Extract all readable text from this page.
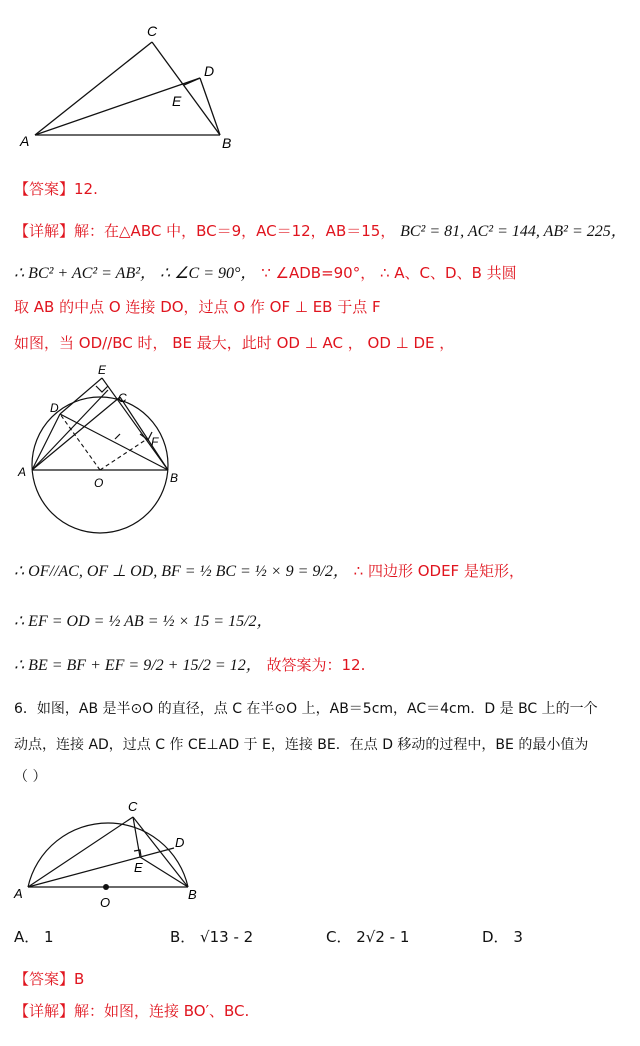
C
D
E
A	B
【答案】12.
【详解】解：在△ABC 中，BC＝9，AC＝12，AB＝15， BC² = 81, AC² = 144, AB² = 225，
∴ BC² + AC² = AB²， ∴ ∠C = 90°， ∵ ∠ADB=90°， ∴ A、C、D、B 共圆
取 AB 的中点 O 连接 DO，过点 O 作 OF ⊥ EB 于点 F
如图，当 OD//BC 时， BE 最大，此时 OD ⊥ AC ， OD ⊥ DE ，
E
D
C
F
A
O	B
∴ OF//AC, OF ⊥ OD, BF = ½ BC = ½ × 9 = 9/2， ∴ 四边形 ODEF 是矩形，
∴ EF = OD = ½ AB = ½ × 15 = 15/2，
∴ BE = BF + EF = 9/2 + 15/2 = 12， 故答案为：12.
6．如图，AB 是半⊙O 的直径，点 C 在半⊙O 上，AB＝5cm，AC＝4cm．D 是 BC 上的一个
动点，连接 AD，过点 C 作 CE⊥AD 于 E，连接 BE．在点 D 移动的过程中，BE 的最小值为
（ ）
C
D
E
A
O
B
A． 1	B． √13 - 2	C． 2√2 - 1	D． 3
【答案】B
【详解】解：如图，连接 BO′、BC.
